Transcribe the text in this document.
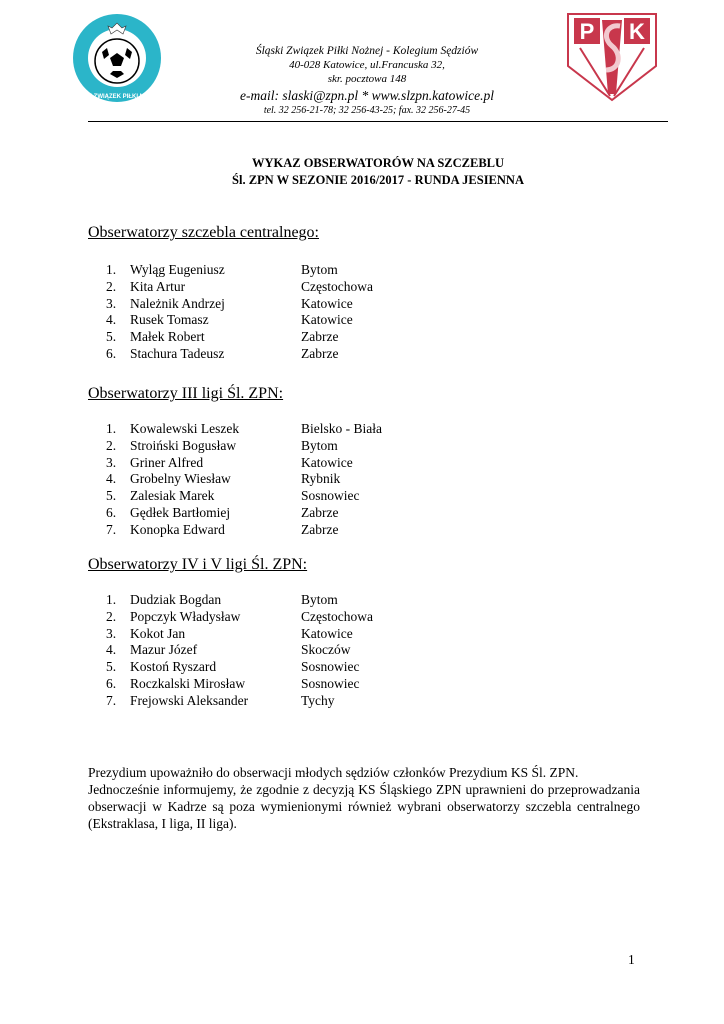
ŚLĄSKI ZWIĄZEK PIŁKI NOŻNEJ
Śląski Związek Piłki Nożnej - Kolegium Sędziów
40-028 Katowice, ul.Francuska 32,
skr. pocztowa 148
e-mail: slaski@zpn.pl * www.slzpn.katowice.pl
tel. 32 256-21-78; 32 256-43-25; fax. 32 256-27-45
P K
WYKAZ OBSERWATORÓW NA SZCZEBLU
Śl. ZPN W SEZONIE 2016/2017 - RUNDA JESIENNA
Obserwatorzy szczebla centralnego:
1.	Wyląg Eugeniusz	Bytom
2.	Kita Artur	Częstochowa
3.	Należnik Andrzej	Katowice
4.	Rusek Tomasz	Katowice
5.	Małek Robert	Zabrze
6.	Stachura Tadeusz	Zabrze
Obserwatorzy III ligi Śl. ZPN:
1.	Kowalewski Leszek	Bielsko - Biała
2.	Stroiński Bogusław	Bytom
3.	Griner Alfred	Katowice
4.	Grobelny Wiesław	Rybnik
5.	Zalesiak Marek	Sosnowiec
6.	Gędłek Bartłomiej	Zabrze
7.	Konopka Edward	Zabrze
Obserwatorzy IV i V ligi Śl. ZPN:
1.	Dudziak Bogdan	Bytom
2.	Popczyk Władysław	Częstochowa
3.	Kokot Jan	Katowice
4.	Mazur Józef	Skoczów
5.	Kostoń Ryszard	Sosnowiec
6.	Roczkalski Mirosław	Sosnowiec
7.	Frejowski Aleksander	Tychy

Prezydium upoważniło do obserwacji młodych sędziów członków Prezydium KS Śl. ZPN.

Jednocześnie informujemy, że zgodnie z decyzją KS Śląskiego ZPN uprawnieni do przeprowadzania obserwacji w Kadrze są poza wymienionymi również wybrani obserwatorzy szczebla centralnego (Ekstraklasa, I liga, II liga).

1
